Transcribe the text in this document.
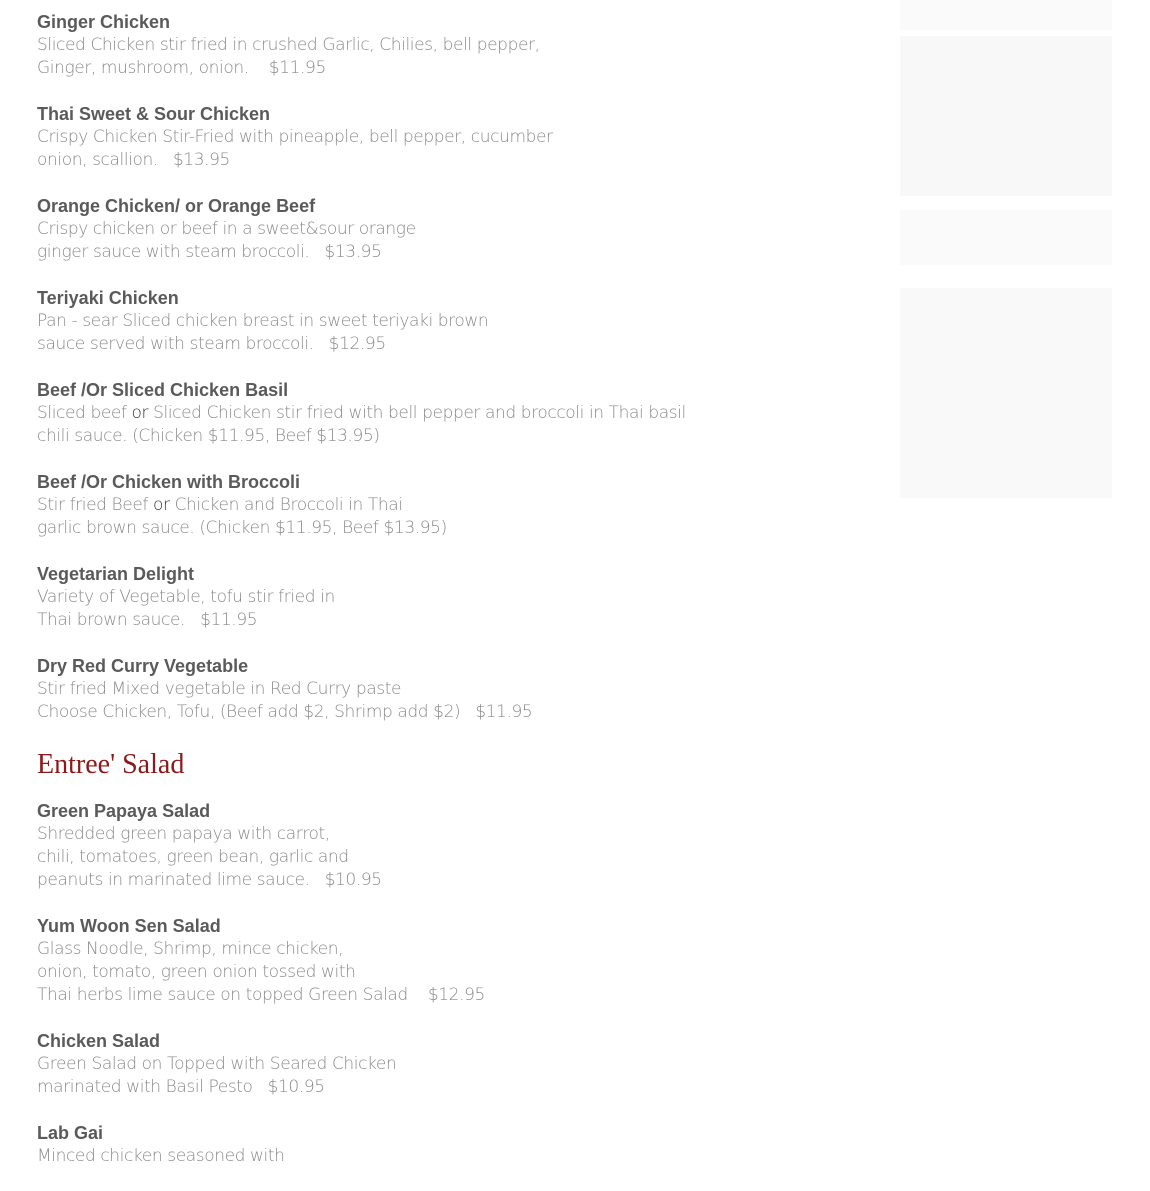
Ginger Chicken
Sliced Chicken stir fried in crushed Garlic, Chilies, bell pepper,
Ginger, mushroom, onion.    $11.95
Thai Sweet & Sour Chicken
Crispy Chicken Stir-Fried with pineapple, bell pepper, cucumber
onion, scallion.   $13.95
Orange Chicken/ or Orange Beef
Crispy chicken or beef in a sweet&sour orange
ginger sauce with steam broccoli.   $13.95
Teriyaki Chicken
Pan - sear Sliced chicken breast in sweet teriyaki brown
sauce served with steam broccoli.   $12.95
Beef /Or Sliced Chicken Basil
Sliced beef or Sliced Chicken stir fried with bell pepper and broccoli in Thai basil
chili sauce. (Chicken $11.95, Beef $13.95)
Beef /Or Chicken with Broccoli
Stir fried Beef or Chicken and Broccoli in Thai
garlic brown sauce. (Chicken $11.95, Beef $13.95)
Vegetarian Delight
Variety of Vegetable, tofu stir fried in
Thai brown sauce.   $11.95
Dry Red Curry Vegetable
Stir fried Mixed vegetable in Red Curry paste
Choose Chicken, Tofu, (Beef add $2, Shrimp add $2)   $11.95
Entree' Salad
Green Papaya Salad
Shredded green papaya with carrot,
chili, tomatoes, green bean, garlic and
peanuts in marinated lime sauce.   $10.95
Yum Woon Sen Salad
Glass Noodle, Shrimp, mince chicken,
onion, tomato, green onion tossed with
Thai herbs lime sauce on topped Green Salad    $12.95
Chicken Salad
Green Salad on Topped with Seared Chicken
marinated with Basil Pesto   $10.95
Lab Gai
Minced chicken seasoned with
